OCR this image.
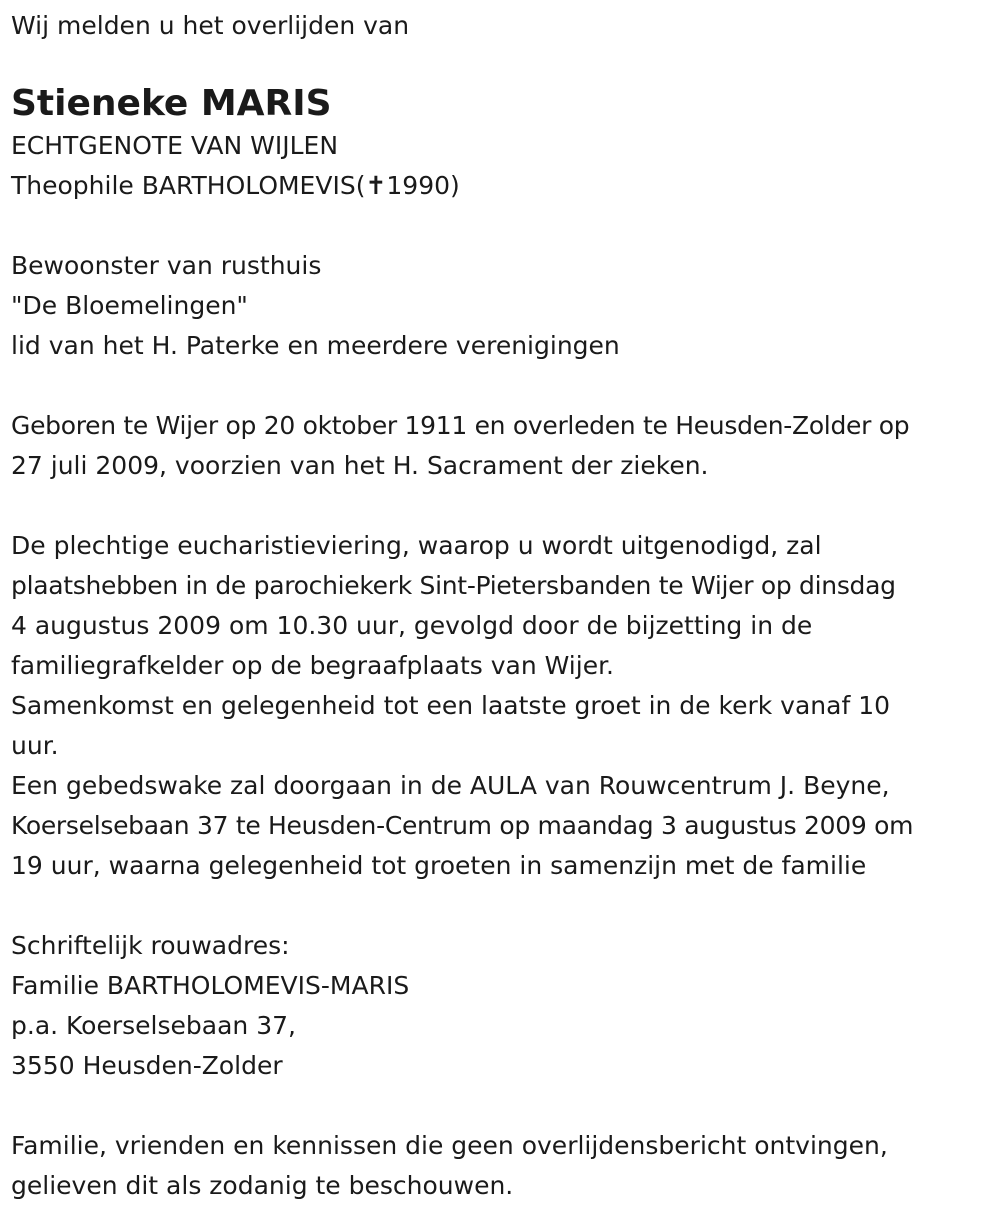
Wij melden u het overlijden van
Stieneke MARIS
ECHTGENOTE VAN WIJLEN
Theophile BARTHOLOMEVIS(✝1990)
Bewoonster van rusthuis
"De Bloemelingen"
lid van het H. Paterke en meerdere verenigingen
Geboren te Wijer op 20 oktober 1911 en overleden te Heusden-Zolder op
27 juli 2009, voorzien van het H. Sacrament der zieken.
De plechtige eucharistieviering, waarop u wordt uitgenodigd, zal
plaatshebben in de parochiekerk Sint-Pietersbanden te Wijer op dinsdag
4 augustus 2009 om 10.30 uur, gevolgd door de bijzetting in de
familiegrafkelder op de begraafplaats van Wijer.
Samenkomst en gelegenheid tot een laatste groet in de kerk vanaf 10
uur.
Een gebedswake zal doorgaan in de AULA van Rouwcentrum J. Beyne,
Koerselsebaan 37 te Heusden-Centrum op maandag 3 augustus 2009 om
19 uur, waarna gelegenheid tot groeten in samenzijn met de familie
Schriftelijk rouwadres:
Familie BARTHOLOMEVIS-MARIS
p.a. Koerselsebaan 37,
3550 Heusden-Zolder
Familie, vrienden en kennissen die geen overlijdensbericht ontvingen,
gelieven dit als zodanig te beschouwen.
